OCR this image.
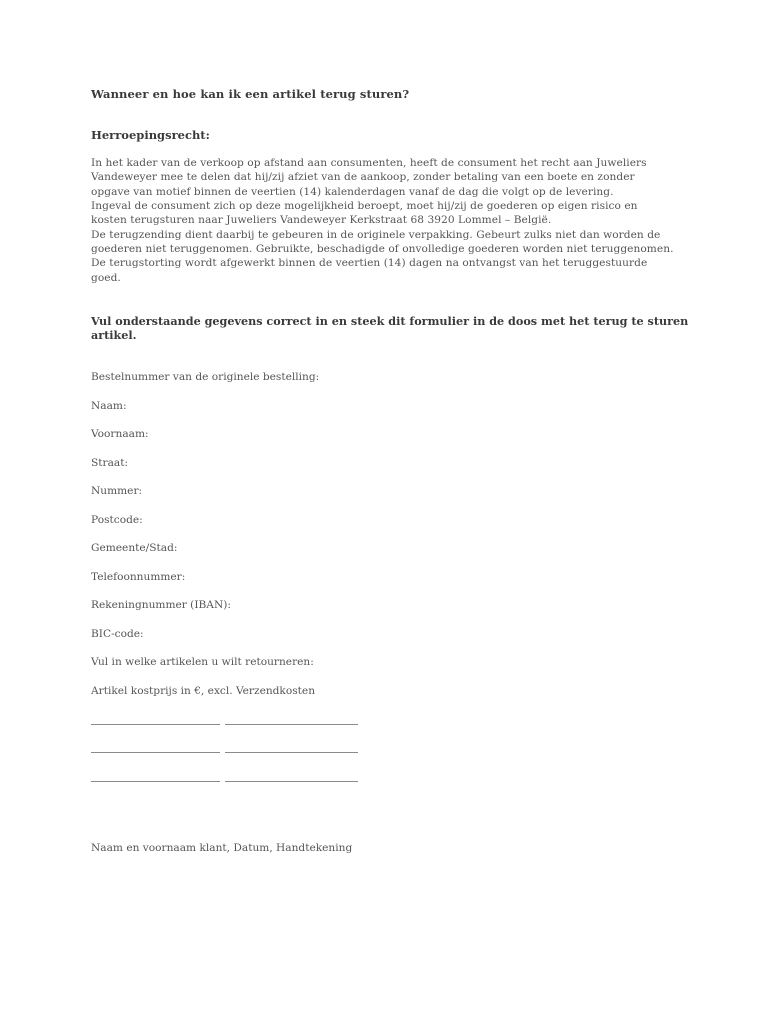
Wanneer en hoe kan ik een artikel terug sturen?
Herroepingsrecht:
In het kader van de verkoop op afstand aan consumenten, heeft de consument het recht aan Juweliers
Vandeweyer mee te delen dat hij/zij afziet van de aankoop, zonder betaling van een boete en zonder
opgave van motief binnen de veertien (14) kalenderdagen vanaf de dag die volgt op de levering.
Ingeval de consument zich op deze mogelijkheid beroept, moet hij/zij de goederen op eigen risico en
kosten terugsturen naar Juweliers Vandeweyer Kerkstraat 68 3920 Lommel – België.
De terugzending dient daarbij te gebeuren in de originele verpakking. Gebeurt zulks niet dan worden de
goederen niet teruggenomen. Gebruikte, beschadigde of onvolledige goederen worden niet teruggenomen.
De terugstorting wordt afgewerkt binnen de veertien (14) dagen na ontvangst van het teruggestuurde
goed.
Vul onderstaande gegevens correct in en steek dit formulier in de doos met het terug te sturen
artikel.
Bestelnummer van de originele bestelling:
Naam:
Voornaam:
Straat:
Nummer:
Postcode:
Gemeente/Stad:
Telefoonnummer:
Rekeningnummer (IBAN):
BIC-code:
Vul in welke artikelen u wilt retourneren:
Artikel kostprijs in €, excl. Verzendkosten
Naam en voornaam klant, Datum, Handtekening
